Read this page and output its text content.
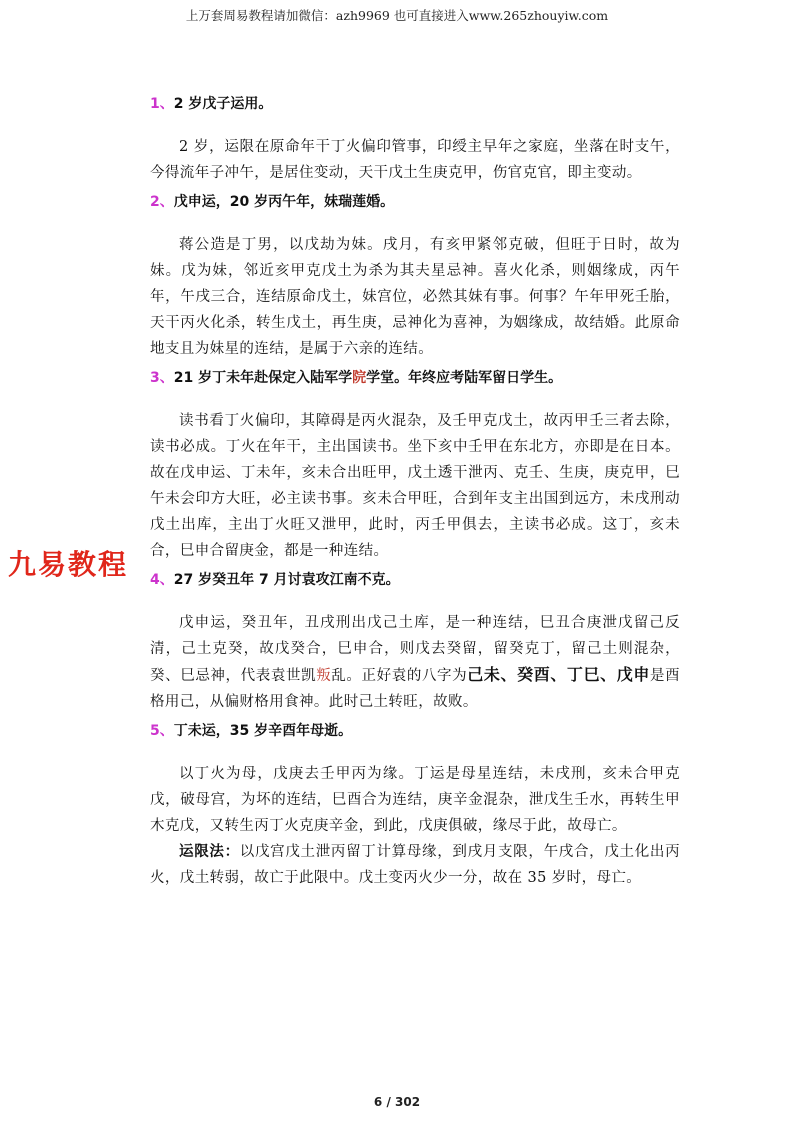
上万套周易教程请加微信：azh9969 也可直接进入www.265zhouyiw.com

1、2 岁戊子运用。

2 岁，运限在原命年干丁火偏印管事，印绶主早年之家庭，坐落在时支午，今得流年子冲午，是居住变动，天干戊土生庚克甲，伤官克官，即主变动。

2、戊申运，20 岁丙午年，妹瑞莲婚。

蒋公造是丁男，以戊劫为妹。戌月，有亥甲紧邻克破，但旺于日时，故为妹。戊为妹，邻近亥甲克戊土为杀为其夫星忌神。喜火化杀，则姻缘成，丙午年，午戌三合，连结原命戊土，妹宫位，必然其妹有事。何事？午年甲死壬胎，天干丙火化杀，转生戊土，再生庚，忌神化为喜神，为姻缘成，故结婚。此原命地支且为妹星的连结，是属于六亲的连结。

3、21 岁丁未年赴保定入陆军学院学堂。年终应考陆军留日学生。

读书看丁火偏印，其障碍是丙火混杂，及壬甲克戊土，故丙甲壬三者去除，读书必成。丁火在年干，主出国读书。坐下亥中壬甲在东北方，亦即是在日本。故在戊申运、丁未年，亥未合出旺甲，戊土透干泄丙、克壬、生庚，庚克甲，巳午未会印方大旺，必主读书事。亥未合甲旺，合到年支主出国到远方，未戌刑动戊土出库，主出丁火旺又泄甲，此时，丙壬甲俱去，主读书必成。这丁，亥未合，巳申合留庚金，都是一种连结。

4、27 岁癸丑年 7 月讨袁攻江南不克。

戊申运，癸丑年，丑戌刑出戊己土库，是一种连结，巳丑合庚泄戊留己反清，己土克癸，故戊癸合，巳申合，则戊去癸留，留癸克丁，留己土则混杂，癸、巳忌神，代表袁世凯叛乱。正好袁的八字为己未、癸酉、丁巳、戊申是酉格用己，从偏财格用食神。此时己土转旺，故败。

5、丁未运，35 岁辛酉年母逝。

以丁火为母，戊庚去壬甲丙为缘。丁运是母星连结，未戌刑，亥未合甲克戊，破母宫，为坏的连结，巳酉合为连结，庚辛金混杂，泄戊生壬水，再转生甲木克戊，又转生丙丁火克庚辛金，到此，戊庚俱破，缘尽于此，故母亡。

运限法：以戊宫戊土泄丙留丁计算母缘，到戌月支限，午戌合，戊土化出丙火，戊土转弱，故亡于此限中。戊土变丙火少一分，故在 35 岁时，母亡。

九易教程
6 / 302
